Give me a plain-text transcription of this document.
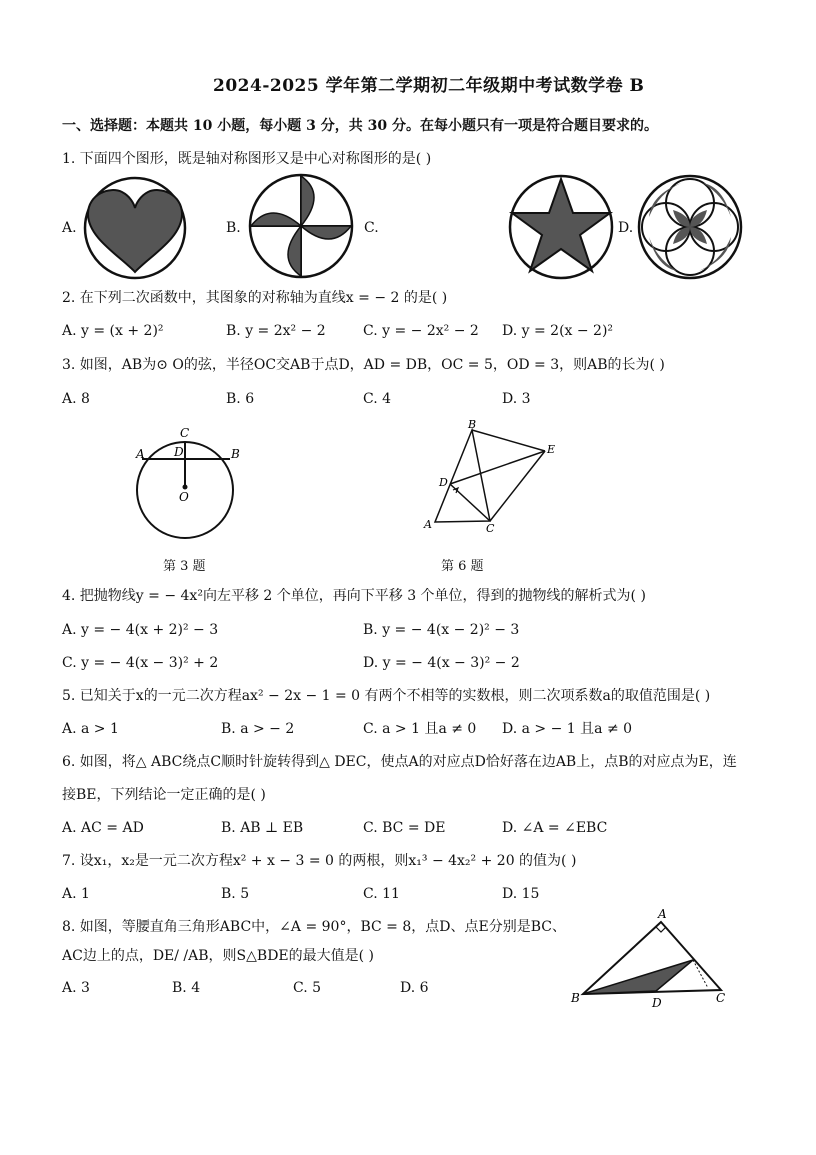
2024-2025 学年第二学期初二年级期中考试数学卷 B
一、选择题：本题共 10 小题，每小题 3 分，共 30 分。在每小题只有一项是符合题目要求的。
1. 下面四个图形，既是轴对称图形又是中心对称图形的是( )
A.	B.	C.	D.
2. 在下列二次函数中，其图象的对称轴为直线x = − 2 的是( )
A. y = (x + 2)²	B. y = 2x² − 2	C. y = − 2x² − 2 D. y = 2(x − 2)²
3. 如图，AB为⊙ O的弦，半径OC交AB于点D，AD = DB，OC = 5，OD = 3，则AB的长为( )
A. 8	B. 6	C. 4	D. 3
C
A	B
D
O
第 3 题
B
E
D
A	C
第 6 题
4. 把抛物线y = − 4x²向左平移 2 个单位，再向下平移 3 个单位，得到的抛物线的解析式为( )
A. y = − 4(x + 2)² − 3	B. y = − 4(x − 2)² − 3
C. y = − 4(x − 3)² + 2	D. y = − 4(x − 3)² − 2
5. 已知关于x的一元二次方程ax² − 2x − 1 = 0 有两个不相等的实数根，则二次项系数a的取值范围是( )
A. a > 1	B. a > − 2	C. a > 1 且a ≠ 0 D. a > − 1 且a ≠ 0
6. 如图，将△ ABC绕点C顺时针旋转得到△ DEC，使点A的对应点D恰好落在边AB上，点B的对应点为E，连
接BE，下列结论一定正确的是( )
A. AC = AD	B. AB ⊥ EB	C. BC = DE	D. ∠A = ∠EBC
7. 设x₁，x₂是一元二次方程x² + x − 3 = 0 的两根，则x₁³ − 4x₂² + 20 的值为( )
A. 1	B. 5	C. 11	D. 15
8. 如图，等腰直角三角形ABC中，∠A = 90°，BC = 8，点D、点E分别是BC、
AC边上的点，DE/ /AB，则S△BDE的最大值是( )
A. 3	B. 4	C. 5	D. 6
A
B	C
D
